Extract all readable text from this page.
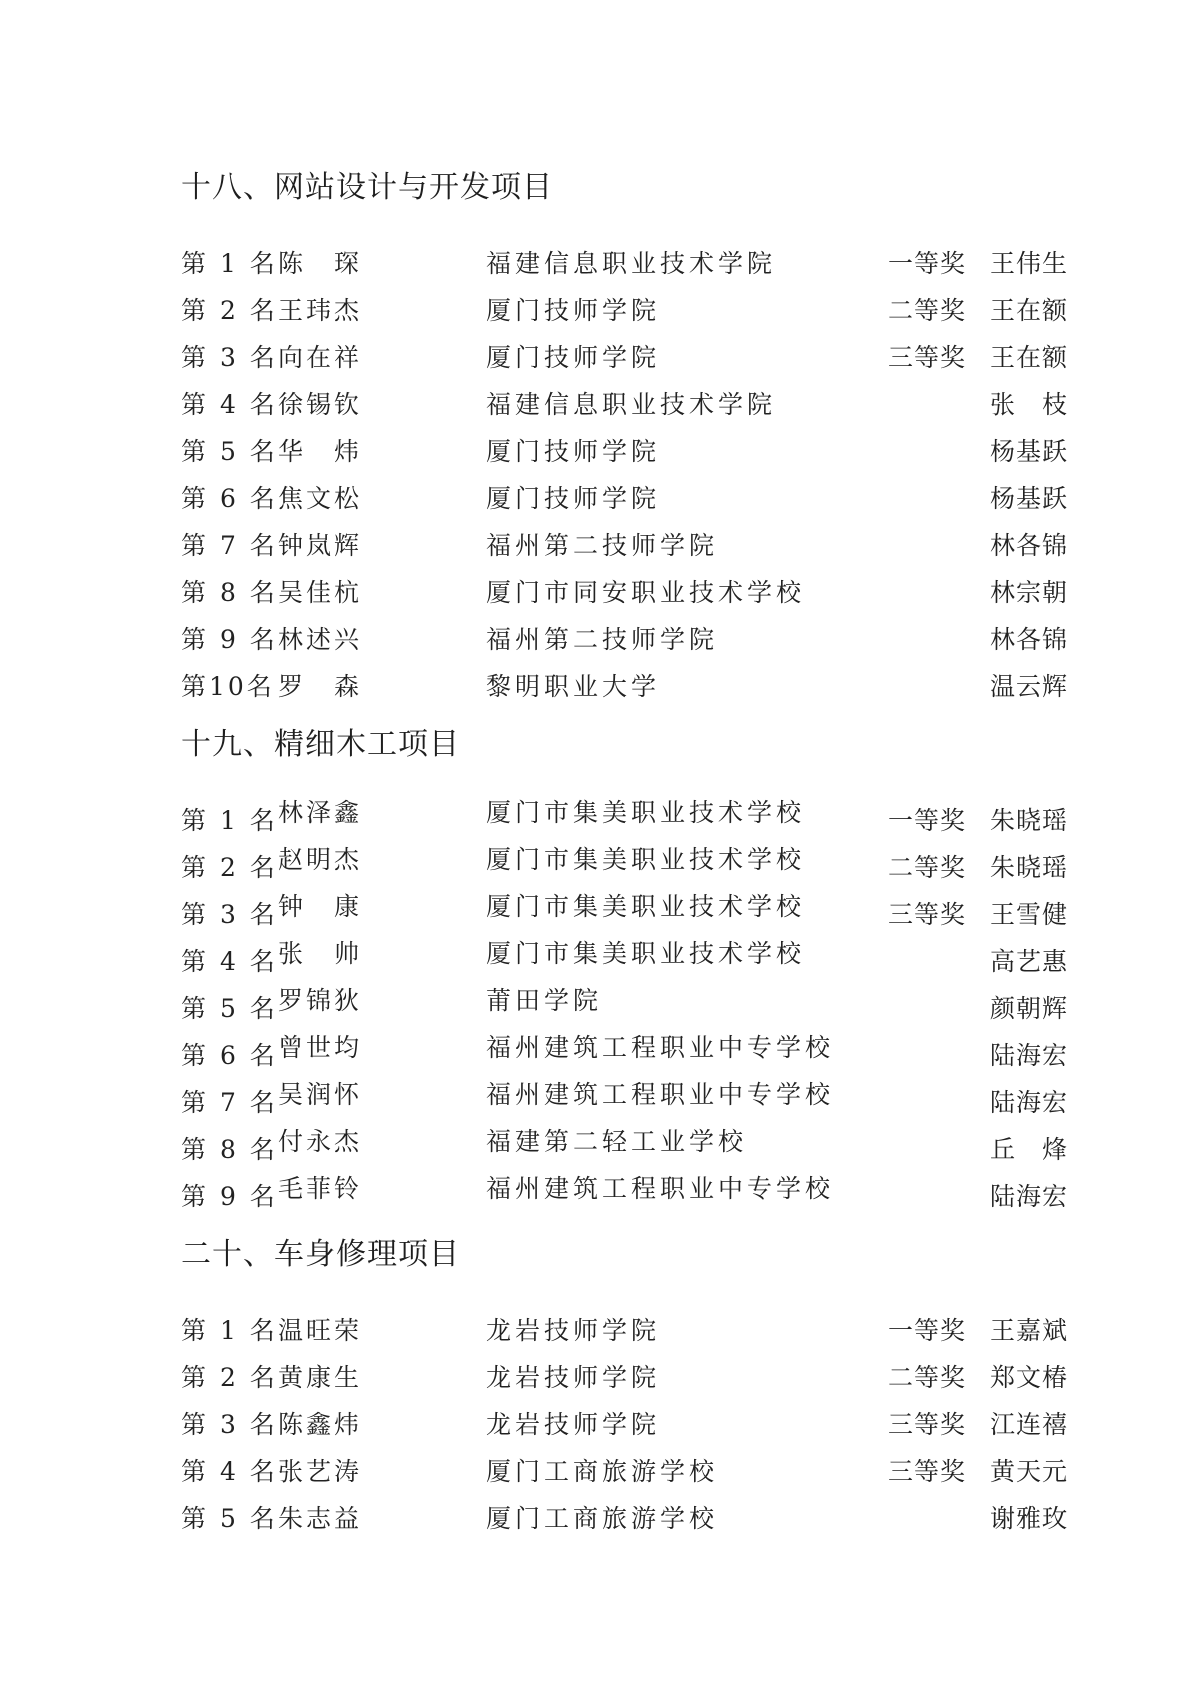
十八、网站设计与开发项目
第 1 名 陈　琛	福建信息职业技术学院	一等奖 王伟生
第 2 名 王玮杰	厦门技师学院	二等奖 王在额
第 3 名 向在祥	厦门技师学院	三等奖 王在额
第 4 名 徐锡钦	福建信息职业技术学院	张　枝
第 5 名 华　炜	厦门技师学院	杨基跃
第 6 名 焦文松	厦门技师学院	杨基跃
第 7 名 钟岚辉	福州第二技师学院	林各锦
第 8 名 吴佳杭	厦门市同安职业技术学校	林宗朝
第 9 名 林述兴	福州第二技师学院	林各锦
第10名 罗　森	黎明职业大学	温云辉
十九、精细木工项目
第 1 名 林泽鑫	厦门市集美职业技术学校	一等奖 朱晓瑶
第 2 名 赵明杰	厦门市集美职业技术学校	二等奖 朱晓瑶
第 3 名 钟　康	厦门市集美职业技术学校	三等奖 王雪健
第 4 名 张　帅	厦门市集美职业技术学校	高艺惠
第 5 名 罗锦狄	莆田学院	颜朝辉
第 6 名 曾世均	福州建筑工程职业中专学校	陆海宏
第 7 名 吴润怀	福州建筑工程职业中专学校	陆海宏
第 8 名 付永杰	福建第二轻工业学校	丘　烽
第 9 名 毛菲铃	福州建筑工程职业中专学校	陆海宏
二十、车身修理项目
第 1 名 温旺荣	龙岩技师学院	一等奖 王嘉斌
第 2 名 黄康生	龙岩技师学院	二等奖 郑文椿
第 3 名 陈鑫炜	龙岩技师学院	三等奖 江连禧
第 4 名 张艺涛	厦门工商旅游学校	三等奖 黄天元
第 5 名 朱志益	厦门工商旅游学校	谢雅玫
